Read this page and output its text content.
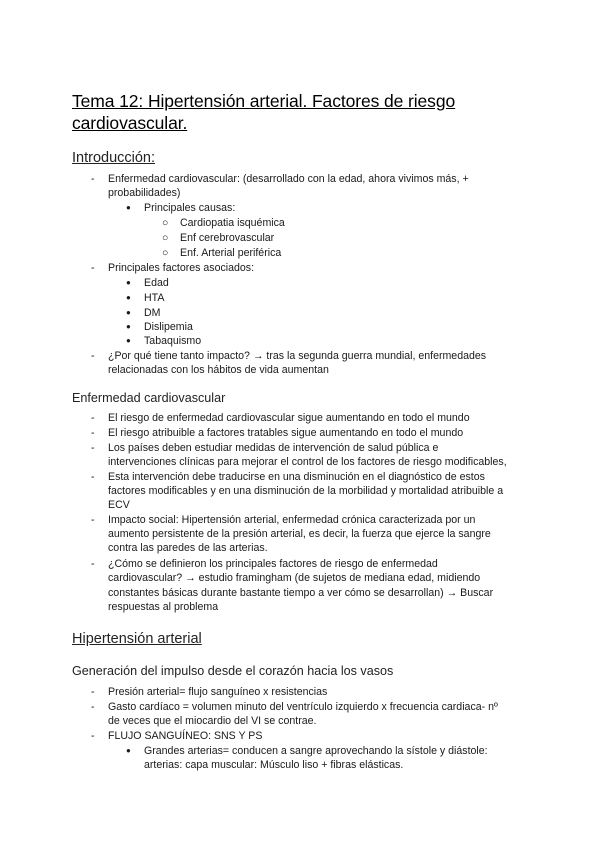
Tema 12: Hipertensión arterial. Factores de riesgo

cardiovascular.

Introducción:

- Enfermedad cardiovascular: (desarrollado con la edad, ahora vivimos más, +

probabilidades)

● Principales causas:

○ Cardiopatia isquémica

○ Enf cerebrovascular

○ Enf. Arterial periférica

- Principales factores asociados:

● Edad

● HTA

● DM

● Dislipemia

● Tabaquismo

- ¿Por qué tiene tanto impacto? → tras la segunda guerra mundial, enfermedades

relacionadas con los hábitos de vida aumentan

Enfermedad cardiovascular

- El riesgo de enfermedad cardiovascular sigue aumentando en todo el mundo

- El riesgo atribuible a factores tratables sigue aumentando en todo el mundo

- Los países deben estudiar medidas de intervención de salud pública e

intervenciones clínicas para mejorar el control de los factores de riesgo modificables,

- Esta intervención debe traducirse en una disminución en el diagnóstico de estos

factores modificables y en una disminución de la morbilidad y mortalidad atribuible a

ECV

- Impacto social: Hipertensión arterial, enfermedad crónica caracterizada por un

aumento persistente de la presión arterial, es decir, la fuerza que ejerce la sangre

contra las paredes de las arterias.

- ¿Cómo se definieron los principales factores de riesgo de enfermedad

cardiovascular? → estudio framingham (de sujetos de mediana edad, midiendo

constantes básicas durante bastante tiempo a ver cómo se desarrollan) → Buscar

respuestas al problema

Hipertensión arterial

Generación del impulso desde el corazón hacia los vasos

- Presión arterial= flujo sanguíneo x resistencias

- Gasto cardíaco = volumen minuto del ventrículo izquierdo x frecuencia cardiaca- nº

de veces que el miocardio del VI se contrae.

- FLUJO SANGUÍNEO: SNS Y PS

● Grandes arterias= conducen a sangre aprovechando la sístole y diástole:

arterias: capa muscular: Músculo liso + fibras elásticas.
